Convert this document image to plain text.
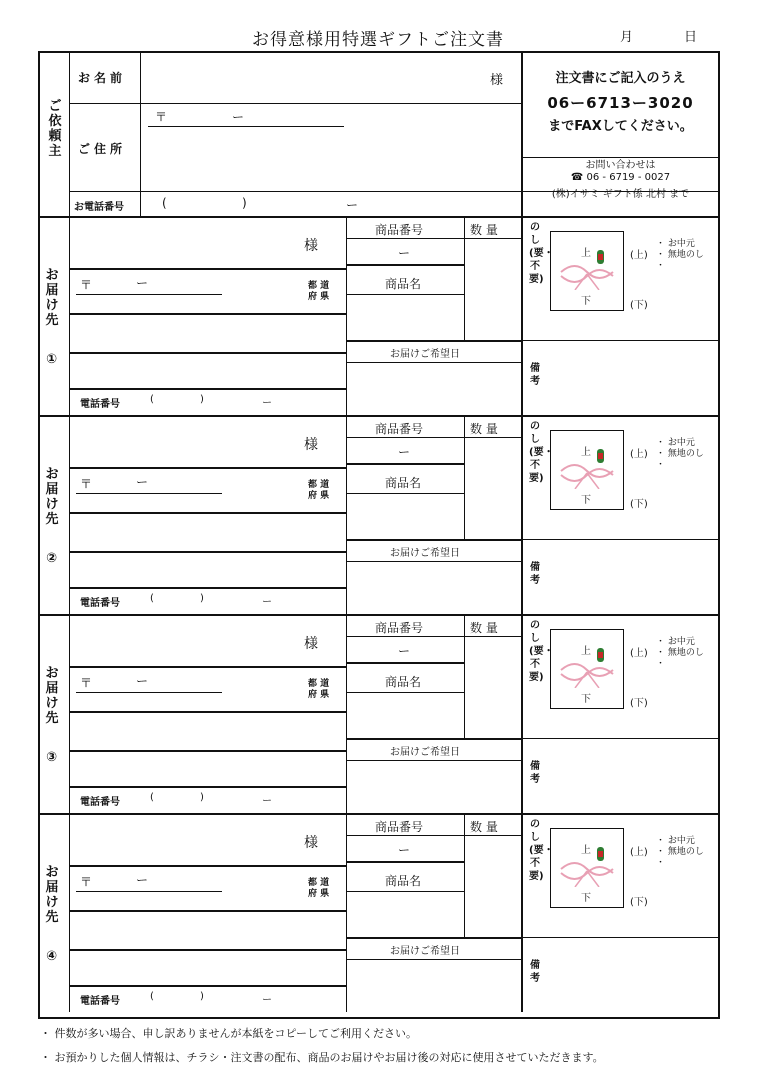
お得意様用特選ギフトご注文書	月	日
ご依頼主
お名前	様
〒	ー
ご住所
お電話番号	(	)	ー
注文書にご記入のうえ
06ー6713ー3020
までFAXしてください。
お問い合わせは
☎ 06 - 6719 - 0027
(株)イサミ ギフト係 北村 まで
お届け先
①
様
〒	ー	都 道
府 県
電話番号	(	)	ー
商品番号	数 量
ー
商品名
お届けご希望日
のし(要・不要)
上
下
(上)
(下)
・ お中元
・ 無地のし
・
備考
お届け先
②
様
〒	ー	都 道
府 県
電話番号	(	)	ー
商品番号	数 量
ー
商品名
お届けご希望日
のし(要・不要)
上
下
(上)
(下)
・ お中元
・ 無地のし
・
備考
お届け先
③
様
〒	ー	都 道
府 県
電話番号	(	)	ー
商品番号	数 量
ー
商品名
お届けご希望日
のし(要・不要)
上
下
(上)
(下)
・ お中元
・ 無地のし
・
備考
お届け先
④
様
〒	ー	都 道
府 県
電話番号	(	)	ー
商品番号	数 量
ー
商品名
お届けご希望日
のし(要・不要)
上
下
(上)
(下)
・ お中元
・ 無地のし
・
備考
・ 件数が多い場合、申し訳ありませんが本紙をコピーしてご利用ください。
・ お預かりした個人情報は、チラシ・注文書の配布、商品のお届けやお届け後の対応に使用させていただきます。
